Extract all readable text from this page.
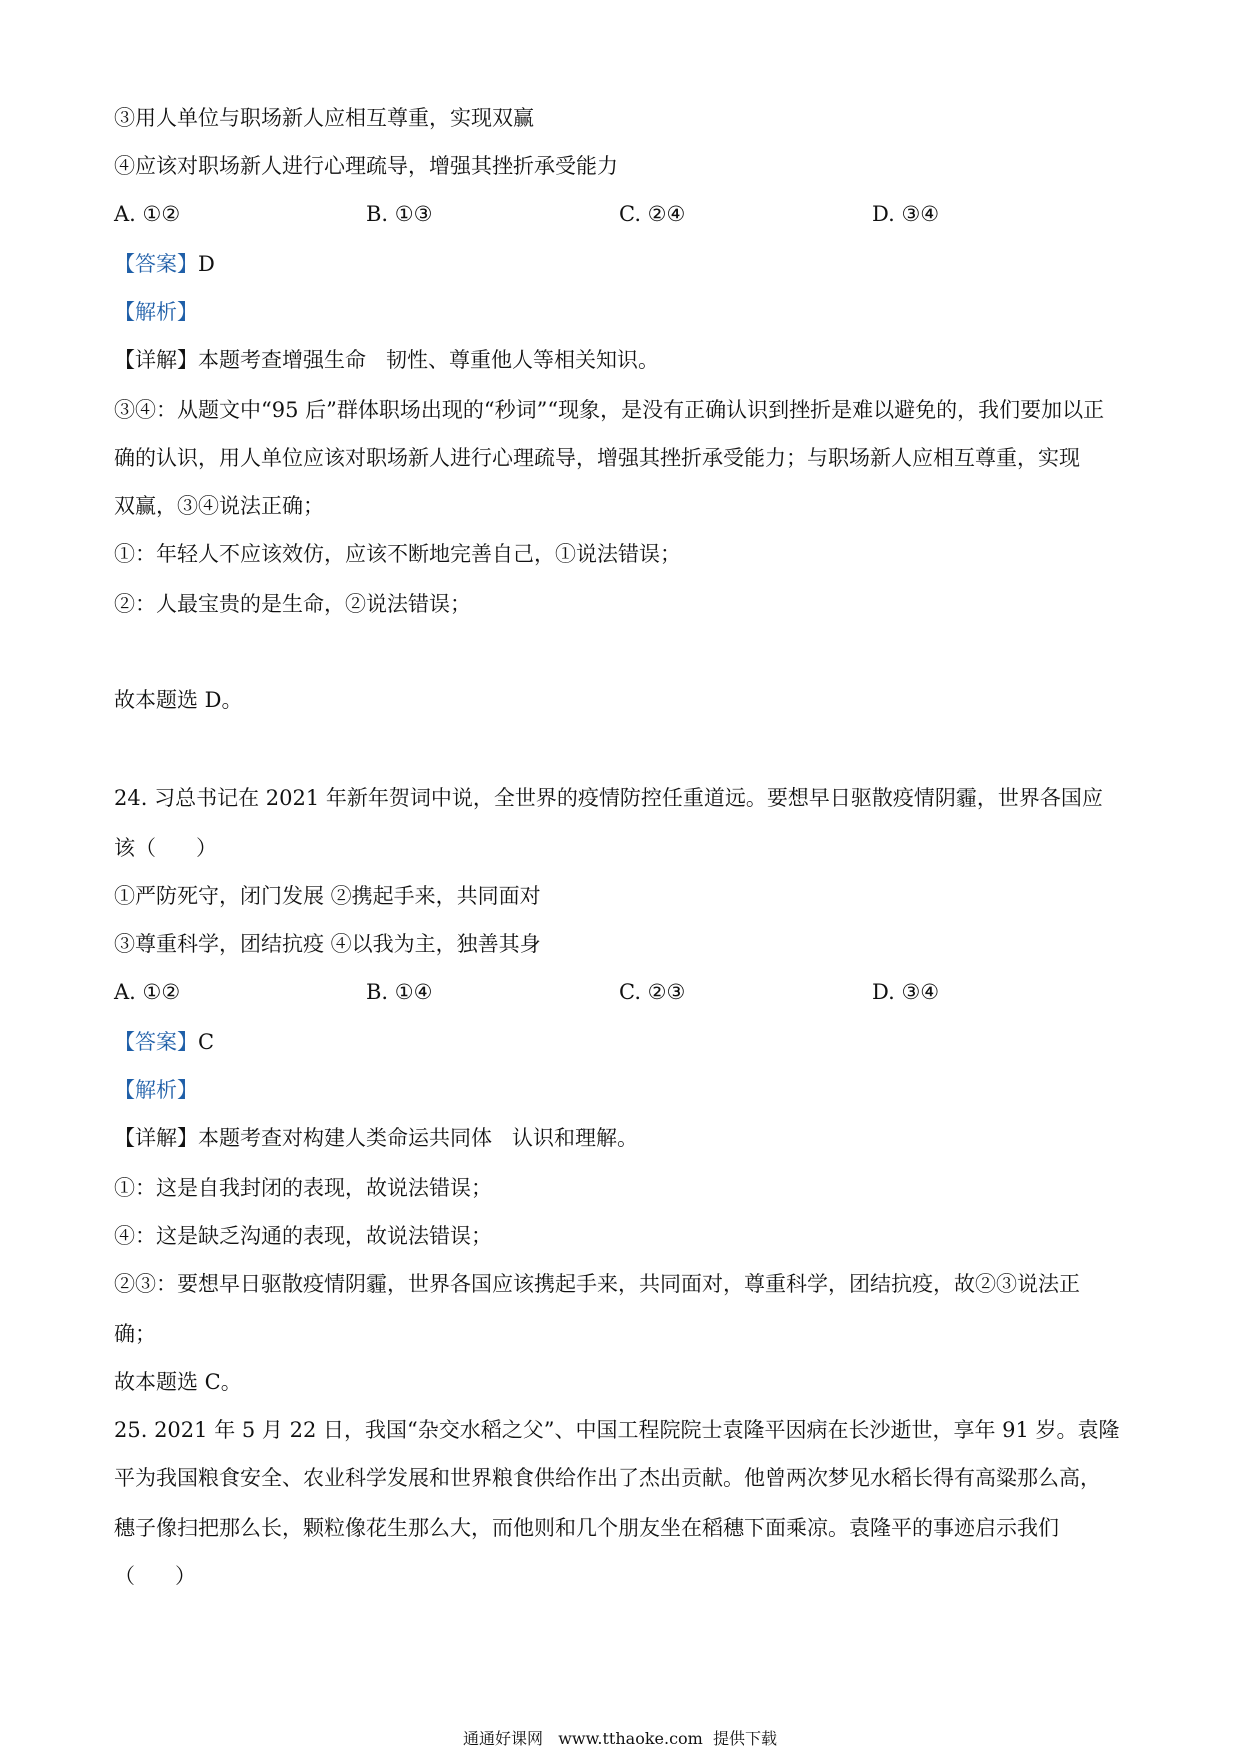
③用人单位与职场新人应相互尊重，实现双赢
④应该对职场新人进行心理疏导，增强其挫折承受能力
A. ①②	B. ①③	C. ②④	D. ③④
【答案】D
【解析】
【详解】本题考查增强生命   韧性、尊重他人等相关知识。
③④：从题文中“95 后”群体职场出现的“秒词”“现象，是没有正确认识到挫折是难以避免的，我们要加以正
确的认识，用人单位应该对职场新人进行心理疏导，增强其挫折承受能力；与职场新人应相互尊重，实现
双赢，③④说法正确；
①：年轻人不应该效仿，应该不断地完善自己，①说法错误；
②：人最宝贵的是生命，②说法错误；
故本题选 D。
24. 习总书记在 2021 年新年贺词中说，全世界的疫情防控任重道远。要想早日驱散疫情阴霾，世界各国应
该（      ）
①严防死守，闭门发展 ②携起手来，共同面对
③尊重科学，团结抗疫 ④以我为主，独善其身
A. ①②	B. ①④	C. ②③	D. ③④
【答案】C
【解析】
【详解】本题考查对构建人类命运共同体   认识和理解。
①：这是自我封闭的表现，故说法错误；
④：这是缺乏沟通的表现，故说法错误；
②③：要想早日驱散疫情阴霾，世界各国应该携起手来，共同面对，尊重科学，团结抗疫，故②③说法正
确；
故本题选 C。
25. 2021 年 5 月 22 日，我国“杂交水稻之父”、中国工程院院士袁隆平因病在长沙逝世，享年 91 岁。袁隆
平为我国粮食安全、农业科学发展和世界粮食供给作出了杰出贡献。他曾两次梦见水稻长得有高粱那么高，
穗子像扫把那么长，颗粒像花生那么大，而他则和几个朋友坐在稻穗下面乘凉。袁隆平的事迹启示我们
（      ）
通通好课网   www.tthaoke.com  提供下载
